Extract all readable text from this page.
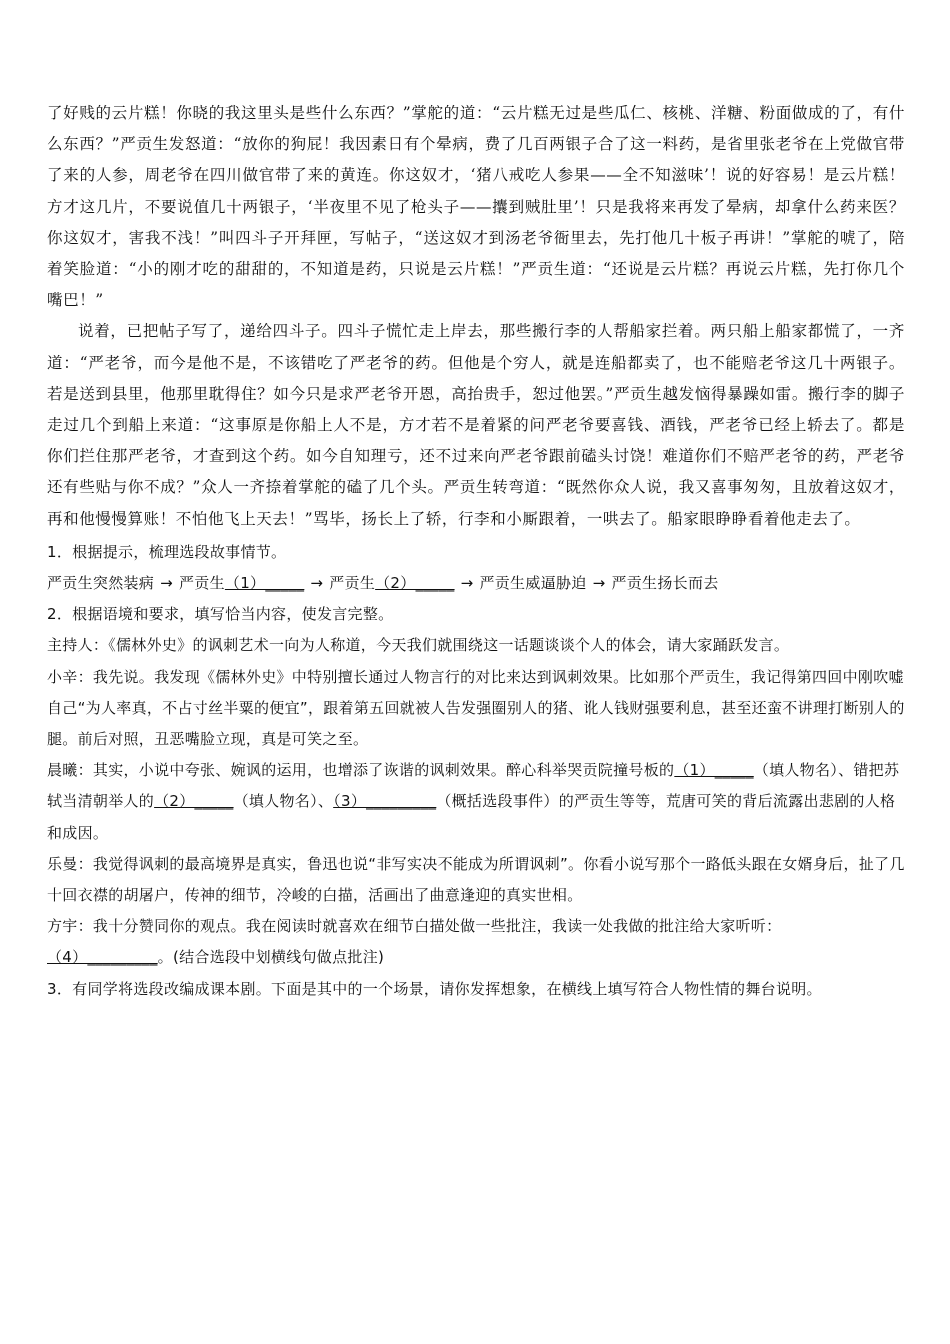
了好贱的云片糕！你晓的我这里头是些什么东西？”掌舵的道：“云片糕无过是些瓜仁、核桃、洋糖、粉面做成的了，有什么东西？”严贡生发怒道：“放你的狗屁！我因素日有个晕病，费了几百两银子合了这一料药，是省里张老爷在上党做官带了来的人参，周老爷在四川做官带了来的黄连。你这奴才，‘猪八戒吃人参果——全不知滋味’！说的好容易！是云片糕！方才这几片，不要说值几十两银子，‘半夜里不见了枪头子——攮到贼肚里’！只是我将来再发了晕病，却拿什么药来医？你这奴才，害我不浅！”叫四斗子开拜匣，写帖子，“送这奴才到汤老爷衙里去，先打他几十板子再讲！”掌舵的唬了，陪着笑脸道：“小的刚才吃的甜甜的，不知道是药，只说是云片糕！”严贡生道：“还说是云片糕？再说云片糕，先打你几个嘴巴！”

说着，已把帖子写了，递给四斗子。四斗子慌忙走上岸去，那些搬行李的人帮船家拦着。两只船上船家都慌了，一齐道：“严老爷，而今是他不是，不该错吃了严老爷的药。但他是个穷人，就是连船都卖了，也不能赔老爷这几十两银子。若是送到县里，他那里耽得住？如今只是求严老爷开恩，高抬贵手，恕过他罢。”严贡生越发恼得暴躁如雷。搬行李的脚子走过几个到船上来道：“这事原是你船上人不是，方才若不是着紧的问严老爷要喜钱、酒钱，严老爷已经上轿去了。都是你们拦住那严老爷，才查到这个药。如今自知理亏，还不过来向严老爷跟前磕头讨饶！难道你们不赔严老爷的药，严老爷还有些贴与你不成？”众人一齐捺着掌舵的磕了几个头。严贡生转弯道：“既然你众人说，我又喜事匆匆，且放着这奴才，再和他慢慢算账！不怕他飞上天去！”骂毕，扬长上了轿，行李和小厮跟着，一哄去了。船家眼睁睁看着他走去了。

1．根据提示，梳理选段故事情节。

严贡生突然装病 → 严贡生（1）_____ → 严贡生（2）_____ → 严贡生威逼胁迫 → 严贡生扬长而去

2．根据语境和要求，填写恰当内容，使发言完整。

主持人：《儒林外史》的讽刺艺术一向为人称道，今天我们就围绕这一话题谈谈个人的体会，请大家踊跃发言。

小辛：我先说。我发现《儒林外史》中特别擅长通过人物言行的对比来达到讽刺效果。比如那个严贡生，我记得第四回中刚吹嘘自己“为人率真，不占寸丝半粟的便宜”，跟着第五回就被人告发强圈别人的猪、讹人钱财强要利息，甚至还蛮不讲理打断别人的腿。前后对照，丑恶嘴脸立现，真是可笑之至。

晨曦：其实，小说中夸张、婉讽的运用，也增添了诙谐的讽刺效果。醉心科举哭贡院撞号板的（1）_____（填人物名）、错把苏轼当清朝举人的（2）_____（填人物名）、（3）_________（概括选段事件）的严贡生等等，荒唐可笑的背后流露出悲剧的人格和成因。

乐曼：我觉得讽刺的最高境界是真实，鲁迅也说“非写实决不能成为所谓讽刺”。你看小说写那个一路低头跟在女婿身后，扯了几十回衣襟的胡屠户，传神的细节，冷峻的白描，活画出了曲意逢迎的真实世相。

方宇：我十分赞同你的观点。我在阅读时就喜欢在细节白描处做一些批注，我读一处我做的批注给大家听听：

（4）_________。(结合选段中划横线句做点批注)

3．有同学将选段改编成课本剧。下面是其中的一个场景，请你发挥想象，在横线上填写符合人物性情的舞台说明。
